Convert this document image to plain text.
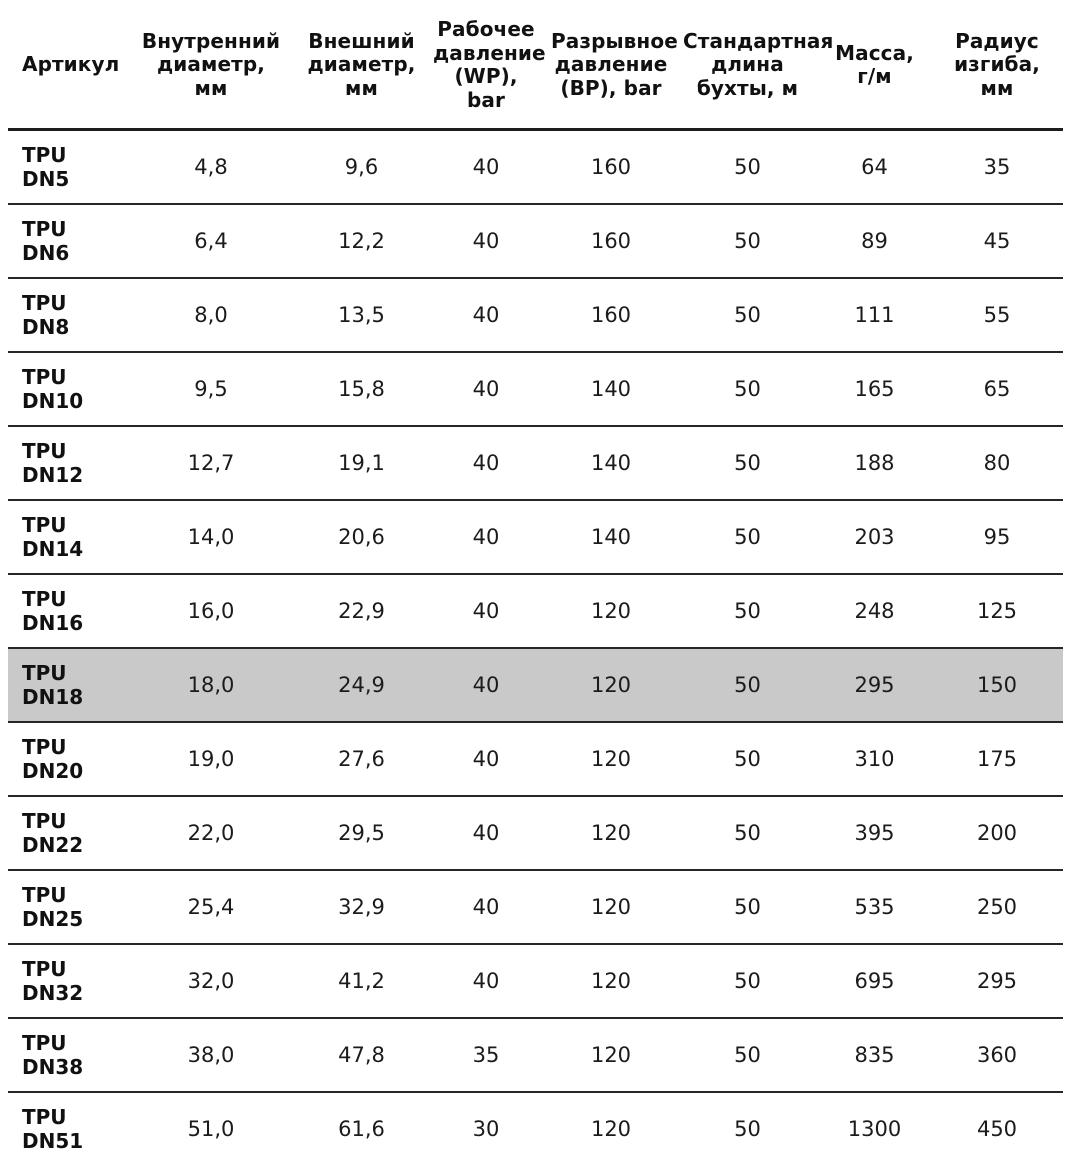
Артикул	Внутренний
диаметр,
мм	Внешний
диаметр,
мм	Рабочее
давление
(WP), bar	Разрывное
давление
(BP), bar	Стандартная
длина
бухты, м	Масса,
г/м	Радиус
изгиба,
мм
TPU DN5	4,8	9,6	40	160	50	64	35
TPU DN6	6,4	12,2	40	160	50	89	45
TPU DN8	8,0	13,5	40	160	50	111	55
TPU DN10	9,5	15,8	40	140	50	165	65
TPU DN12	12,7	19,1	40	140	50	188	80
TPU DN14	14,0	20,6	40	140	50	203	95
TPU DN16	16,0	22,9	40	120	50	248	125
TPU DN18	18,0	24,9	40	120	50	295	150
TPU DN20	19,0	27,6	40	120	50	310	175
TPU DN22	22,0	29,5	40	120	50	395	200
TPU DN25	25,4	32,9	40	120	50	535	250
TPU DN32	32,0	41,2	40	120	50	695	295
TPU DN38	38,0	47,8	35	120	50	835	360
TPU DN51	51,0	61,6	30	120	50	1300	450
